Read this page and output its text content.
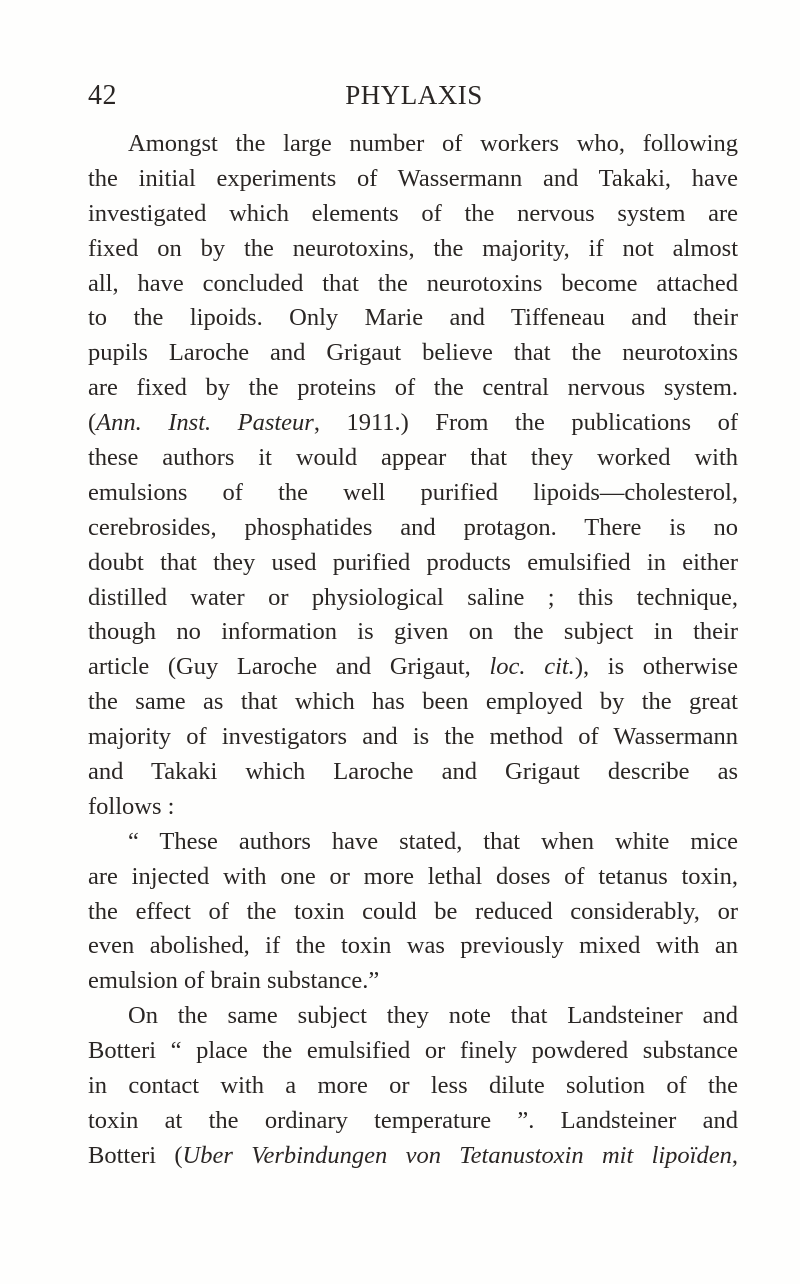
42	PHYLAXIS
Amongst the large number of workers who, following
the initial experiments of Wassermann and Takaki, have
investigated which elements of the nervous system are
fixed on by the neurotoxins, the majority, if not almost
all, have concluded that the neurotoxins become attached
to the lipoids. Only Marie and Tiffeneau and their
pupils Laroche and Grigaut believe that the neurotoxins
are fixed by the proteins of the central nervous system.
(Ann. Inst. Pasteur, 1911.) From the publications of
these authors it would appear that they worked with
emulsions of the well purified lipoids—cholesterol,
cerebrosides, phosphatides and protagon. There is no
doubt that they used purified products emulsified in either
distilled water or physiological saline ; this technique,
though no information is given on the subject in their
article (Guy Laroche and Grigaut, loc. cit.), is otherwise
the same as that which has been employed by the great
majority of investigators and is the method of Wassermann
and Takaki which Laroche and Grigaut describe as
follows :
“ These authors have stated, that when white mice
are injected with one or more lethal doses of tetanus toxin,
the effect of the toxin could be reduced considerably, or
even abolished, if the toxin was previously mixed with an
emulsion of brain substance.”
On the same subject they note that Landsteiner and
Botteri “ place the emulsified or finely powdered substance
in contact with a more or less dilute solution of the
toxin at the ordinary temperature ”. Landsteiner and
Botteri (Uber Verbindungen von Tetanustoxin mit lipoïden,
